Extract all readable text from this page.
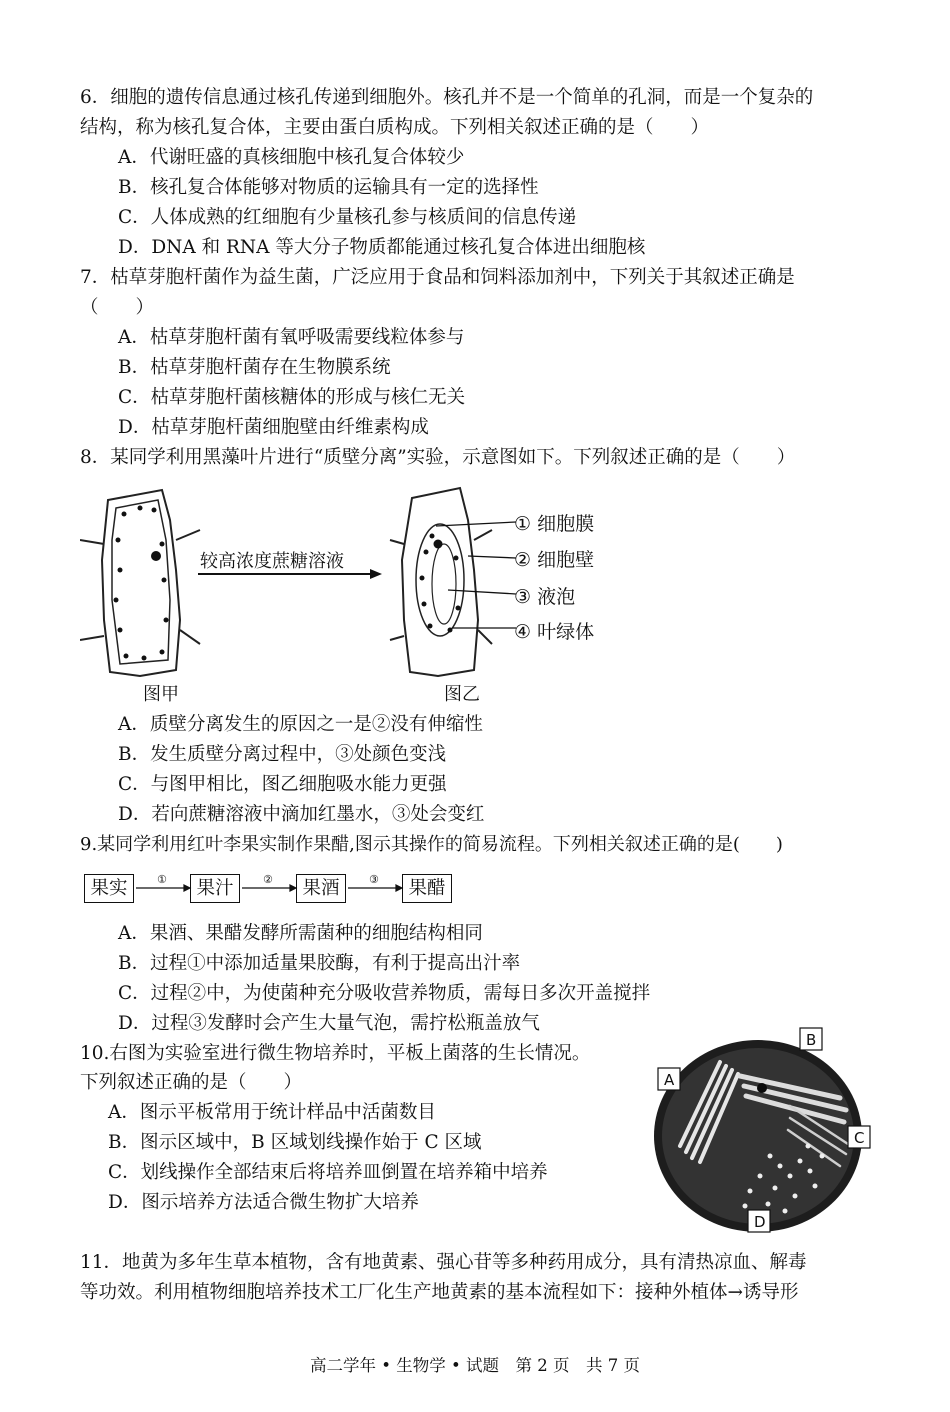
6．细胞的遗传信息通过核孔传递到细胞外。核孔并不是一个简单的孔洞，而是一个复杂的
结构，称为核孔复合体，主要由蛋白质构成。下列相关叙述正确的是（　　）
A．代谢旺盛的真核细胞中核孔复合体较少
B．核孔复合体能够对物质的运输具有一定的选择性
C．人体成熟的红细胞有少量核孔参与核质间的信息传递
D．DNA 和 RNA 等大分子物质都能通过核孔复合体进出细胞核
7．枯草芽胞杆菌作为益生菌，广泛应用于食品和饲料添加剂中，下列关于其叙述正确是
（　　）
A．枯草芽胞杆菌有氧呼吸需要线粒体参与
B．枯草芽胞杆菌存在生物膜系统
C．枯草芽胞杆菌核糖体的形成与核仁无关
D．枯草芽胞杆菌细胞壁由纤维素构成
8．某同学利用黑藻叶片进行“质壁分离”实验，示意图如下。下列叙述正确的是（　　）
较高浓度蔗糖溶液
① 细胞膜
② 细胞壁
③ 液泡
④ 叶绿体
图甲	图乙
A．质壁分离发生的原因之一是②没有伸缩性
B．发生质壁分离过程中，③处颜色变浅
C．与图甲相比，图乙细胞吸水能力更强
D．若向蔗糖溶液中滴加红墨水，③处会变红
9.某同学利用红叶李果实制作果醋,图示其操作的简易流程。下列相关叙述正确的是(　　)
果实	果汁	果酒	果醋
①	②	③
A．果酒、果醋发酵所需菌种的细胞结构相同
B．过程①中添加适量果胶酶，有利于提高出汁率
C．过程②中，为使菌种充分吸收营养物质，需每日多次开盖搅拌
D．过程③发酵时会产生大量气泡，需拧松瓶盖放气
10.右图为实验室进行微生物培养时，平板上菌落的生长情况。
下列叙述正确的是（　　）
A．图示平板常用于统计样品中活菌数目
B．图示区域中，B 区域划线操作始于 C 区域
C．划线操作全部结束后将培养皿倒置在培养箱中培养
D．图示培养方法适合微生物扩大培养
A
B
C
D
11．地黄为多年生草本植物，含有地黄素、强心苷等多种药用成分，具有清热凉血、解毒
等功效。利用植物细胞培养技术工厂化生产地黄素的基本流程如下：接种外植体→诱导形
高二学年 • 生物学 • 试题　第 2 页　共 7 页
